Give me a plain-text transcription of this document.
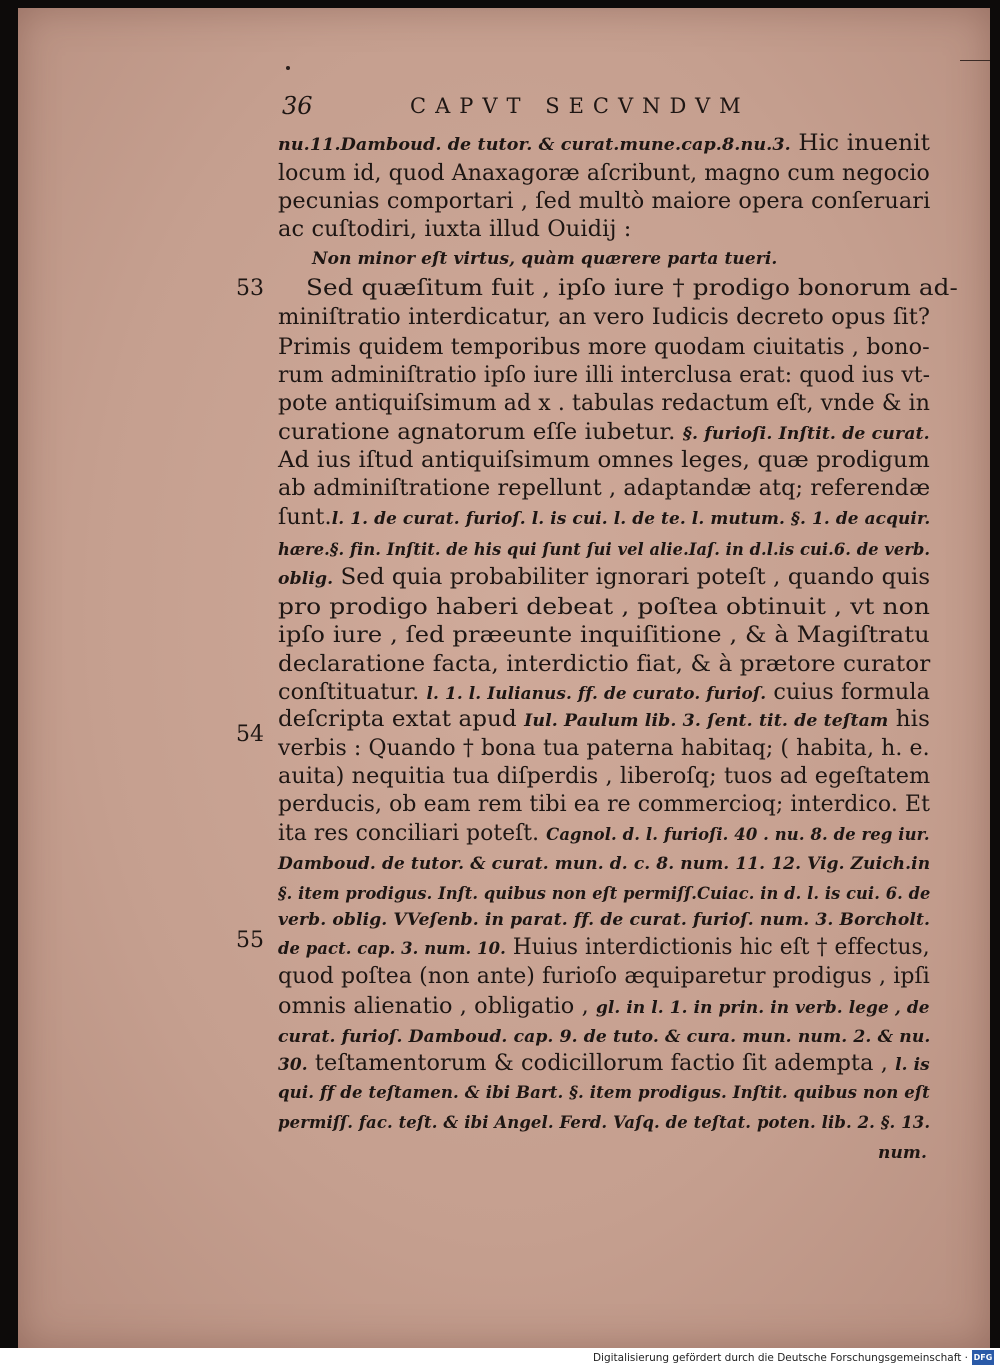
36	CAPVT SECVNDVM
nu.11.Damboud. de tutor. & curat.mune.cap.8.nu.3. Hic inuenit
locum id, quod Anaxagoræ aſcribunt, magno cum negocio
pecunias comportari , ſed multò maiore opera conſeruari
ac cuſtodiri, iuxta illud Ouidij :
Non minor eſt virtus, quàm quærere parta tueri.
Sed quæſitum fuit , ipſo iure † prodigo bonorum ad-
miniſtratio interdicatur, an vero Iudicis decreto opus ſit?
Primis quidem temporibus more quodam ciuitatis , bono-
rum adminiſtratio ipſo iure illi interclusa erat: quod ius vt-
pote antiquiſsimum ad x . tabulas redactum eſt, vnde & in
curatione agnatorum eſſe iubetur. §. furioſi. Inſtit. de curat.
Ad ius iſtud antiquiſsimum omnes leges, quæ prodigum
ab adminiſtratione repellunt , adaptandæ atq; referendæ
ſunt.l. 1. de curat. furioſ. l. is cui. l. de te. l. mutum. §. 1. de acquir.
hære.§. fin. Inſtit. de his qui ſunt ſui vel alie.Iaſ. in d.l.is cui.6. de verb.
oblig. Sed quia probabiliter ignorari poteſt , quando quis
pro prodigo haberi debeat , poſtea obtinuit , vt non
ipſo iure , ſed præeunte inquiſitione , & à Magiſtratu
declaratione facta, interdictio fiat, & à prætore curator
conſtituatur. l. 1. l. Iulianus. ff. de curato. furioſ. cuius formula
deſcripta extat apud Iul. Paulum lib. 3. ſent. tit. de teſtam his
verbis : Quando † bona tua paterna habitaq; ( habita, h. e.
auita) nequitia tua diſperdis , liberoſq; tuos ad egeſtatem
perducis, ob eam rem tibi ea re commercioq; interdico. Et
ita res conciliari poteſt. Cagnol. d. l. furioſi. 40 . nu. 8. de reg iur.
Damboud. de tutor. & curat. mun. d. c. 8. num. 11. 12. Vig. Zuich.in
§. item prodigus. Inſt. quibus non eſt permiſſ.Cuiac. in d. l. is cui. 6. de
verb. oblig. VVeſenb. in parat. ff. de curat. furioſ. num. 3. Borcholt.
de pact. cap. 3. num. 10. Huius interdictionis hic eſt † effectus,
quod poſtea (non ante) furioſo æquiparetur prodigus , ipſi
omnis alienatio , obligatio , gl. in l. 1. in prin. in verb. lege , de
curat. furioſ. Damboud. cap. 9. de tuto. & cura. mun. num. 2. & nu.
30. teſtamentorum & codicillorum factio ſit adempta , l. is
qui. ff de teſtamen. & ibi Bart. §. item prodigus. Inſtit. quibus non eſt
permiſſ. fac. teſt. & ibi Angel. Ferd. Vaſq. de teſtat. poten. lib. 2. §. 13.
num.
53
54
55
Digitalisierung gefördert durch die Deutsche Forschungsgemeinschaft · DFG
